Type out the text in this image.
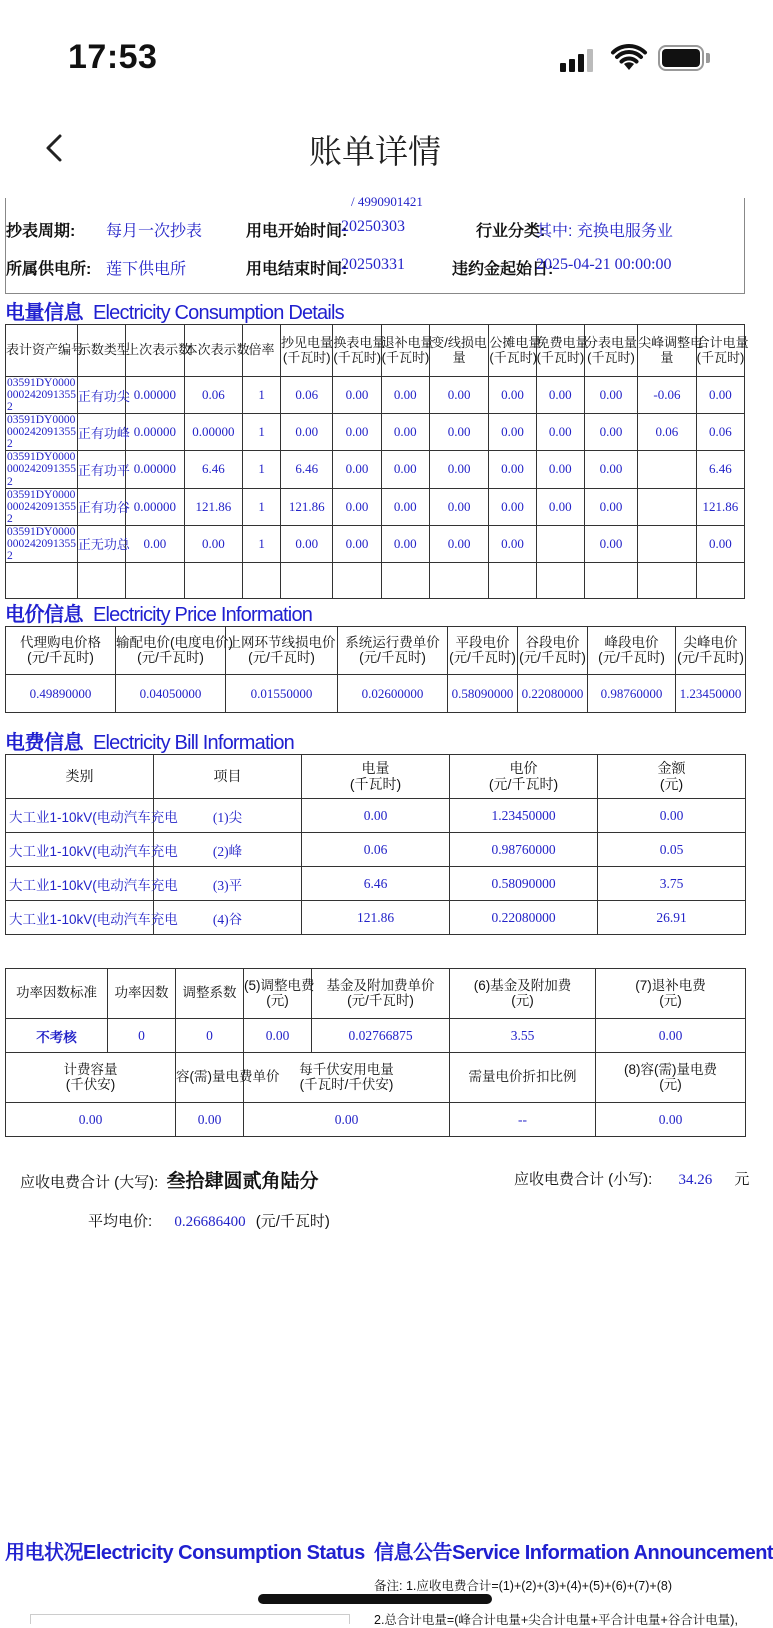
17:53
账单详情
/ 4990901421
抄表周期: 每月一次抄表	用电开始时间:
20250303	行业分类:
其中: 充换电服务业
所属供电所: 莲下供电所	用电结束时间:
20250331	违约金起始日:
2025-04-21 00:00:00
电量信息 Electricity Consumption Details
表计资产编号	示数类型	上次表示数	本次表示数	倍率	抄见电量
(千瓦时)	换表电量
(千瓦时)	退补电量
(千瓦时)	变/线损电
量	公摊电量
(千瓦时)	免费电量
(千瓦时)	分表电量
(千瓦时)	尖峰调整电
量	合计电量
(千瓦时)
03591DY00000002420913552	正有功尖	0.00000	0.06	1	0.06	0.00	0.00	0.00	0.00	0.00	0.00	-0.06	0.00
03591DY00000002420913552	正有功峰	0.00000	0.00000	1	0.00	0.00	0.00	0.00	0.00	0.00	0.00	0.06	0.06
03591DY00000002420913552	正有功平	0.00000	6.46	1	6.46	0.00	0.00	0.00	0.00	0.00	0.00		6.46
03591DY00000002420913552	正有功谷	0.00000	121.86	1	121.86	0.00	0.00	0.00	0.00	0.00	0.00		121.86
03591DY00000002420913552	正无功总	0.00	0.00	1	0.00	0.00	0.00	0.00	0.00		0.00		0.00

电价信息 Electricity Price Information
代理购电价格
(元/千瓦时)	输配电价(电度电价)
(元/千瓦时)	上网环节线损电价
(元/千瓦时)	系统运行费单价
(元/千瓦时)	平段电价
(元/千瓦时)	谷段电价
(元/千瓦时)	峰段电价
(元/千瓦时)	尖峰电价
(元/千瓦时)
0.49890000	0.04050000	0.01550000	0.02600000	0.58090000	0.22080000	0.98760000	1.23450000
电费信息 Electricity Bill Information
类别	项目	电量
(千瓦时)	电价
(元/千瓦时)	金额
(元)
大工业1-10kV(电动汽车充电	(1)尖	0.00	1.23450000	0.00
大工业1-10kV(电动汽车充电	(2)峰	0.06	0.98760000	0.05
大工业1-10kV(电动汽车充电	(3)平	6.46	0.58090000	3.75
大工业1-10kV(电动汽车充电	(4)谷	121.86	0.22080000	26.91
功率因数标准	功率因数	调整系数	(5)调整电费
(元)	基金及附加费单价
(元/千瓦时)	(6)基金及附加费
(元)	(7)退补电费
(元)
不考核	0	0	0.00	0.02766875	3.55	0.00
计费容量
(千伏安)		容(需)量电费单价	每千伏安用电量
(千瓦时/千伏安)		需量电价折扣比例	(8)容(需)量电费
(元)
0.00		0.00	0.00		--	0.00
应收电费合计 (大写): 叁拾肆圆贰角陆分	应收电费合计 (小写): 34.26 元
平均电价: 0.26686400 (元/千瓦时)
用电状况Electricity Consumption Status 信息公告Service Information Announcement
备注: 1.应收电费合计=(1)+(2)+(3)+(4)+(5)+(6)+(7)+(8)
2.总合计电量=(峰合计电量+尖合计电量+平合计电量+谷合计电量),
